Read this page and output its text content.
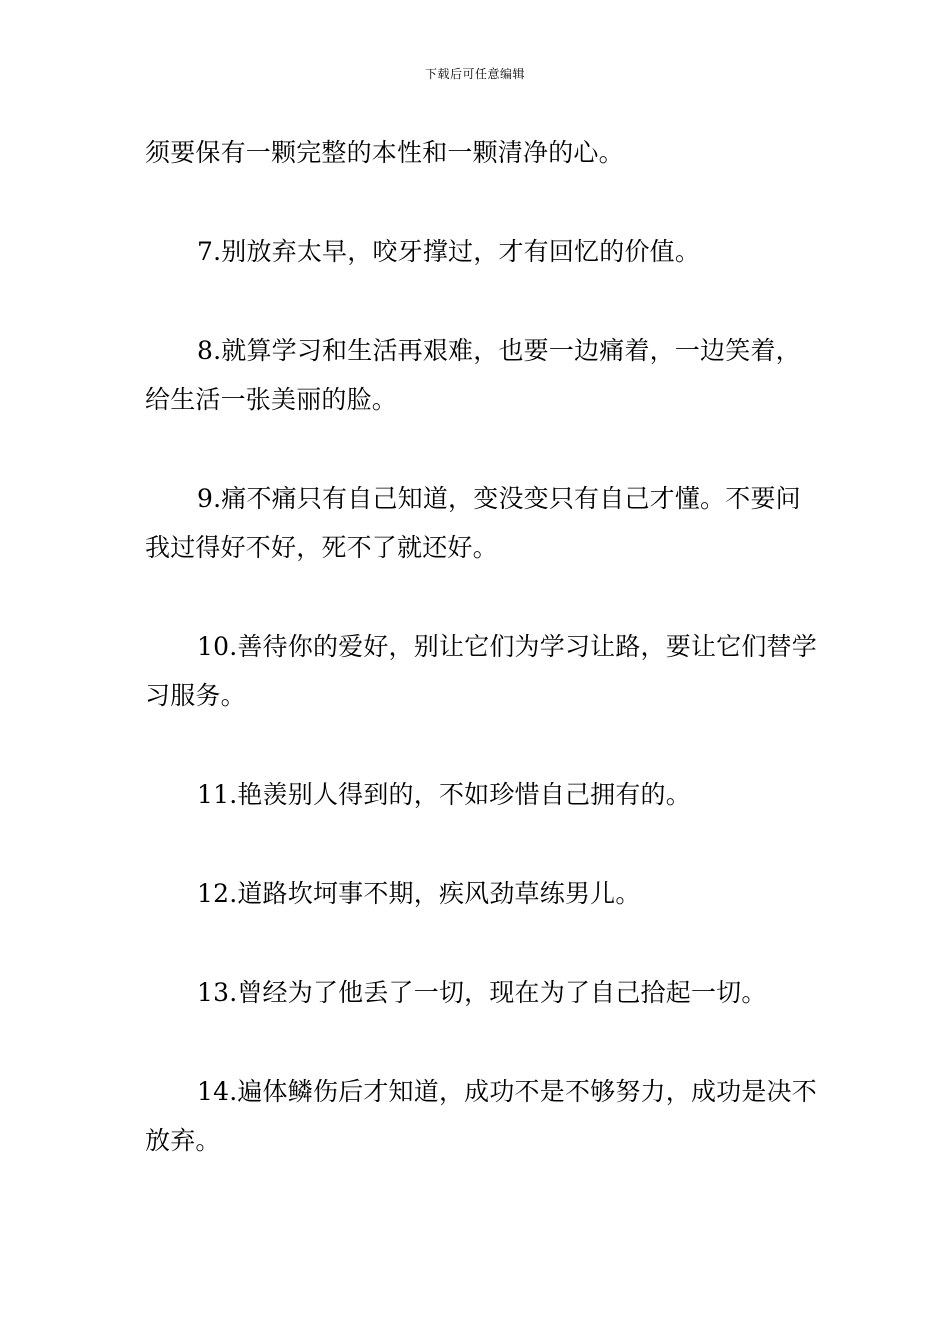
下载后可任意编辑

须要保有一颗完整的本性和一颗清净的心。

7.别放弃太早，咬牙撑过，才有回忆的价值。

8.就算学习和生活再艰难，也要一边痛着，一边笑着，给生活一张美丽的脸。

9.痛不痛只有自己知道，变没变只有自己才懂。不要问我过得好不好，死不了就还好。

10.善待你的爱好，别让它们为学习让路，要让它们替学习服务。

11.艳羡别人得到的，不如珍惜自己拥有的。

12.道路坎坷事不期，疾风劲草练男儿。

13.曾经为了他丢了一切，现在为了自己拾起一切。

14.遍体鳞伤后才知道，成功不是不够努力，成功是决不放弃。
